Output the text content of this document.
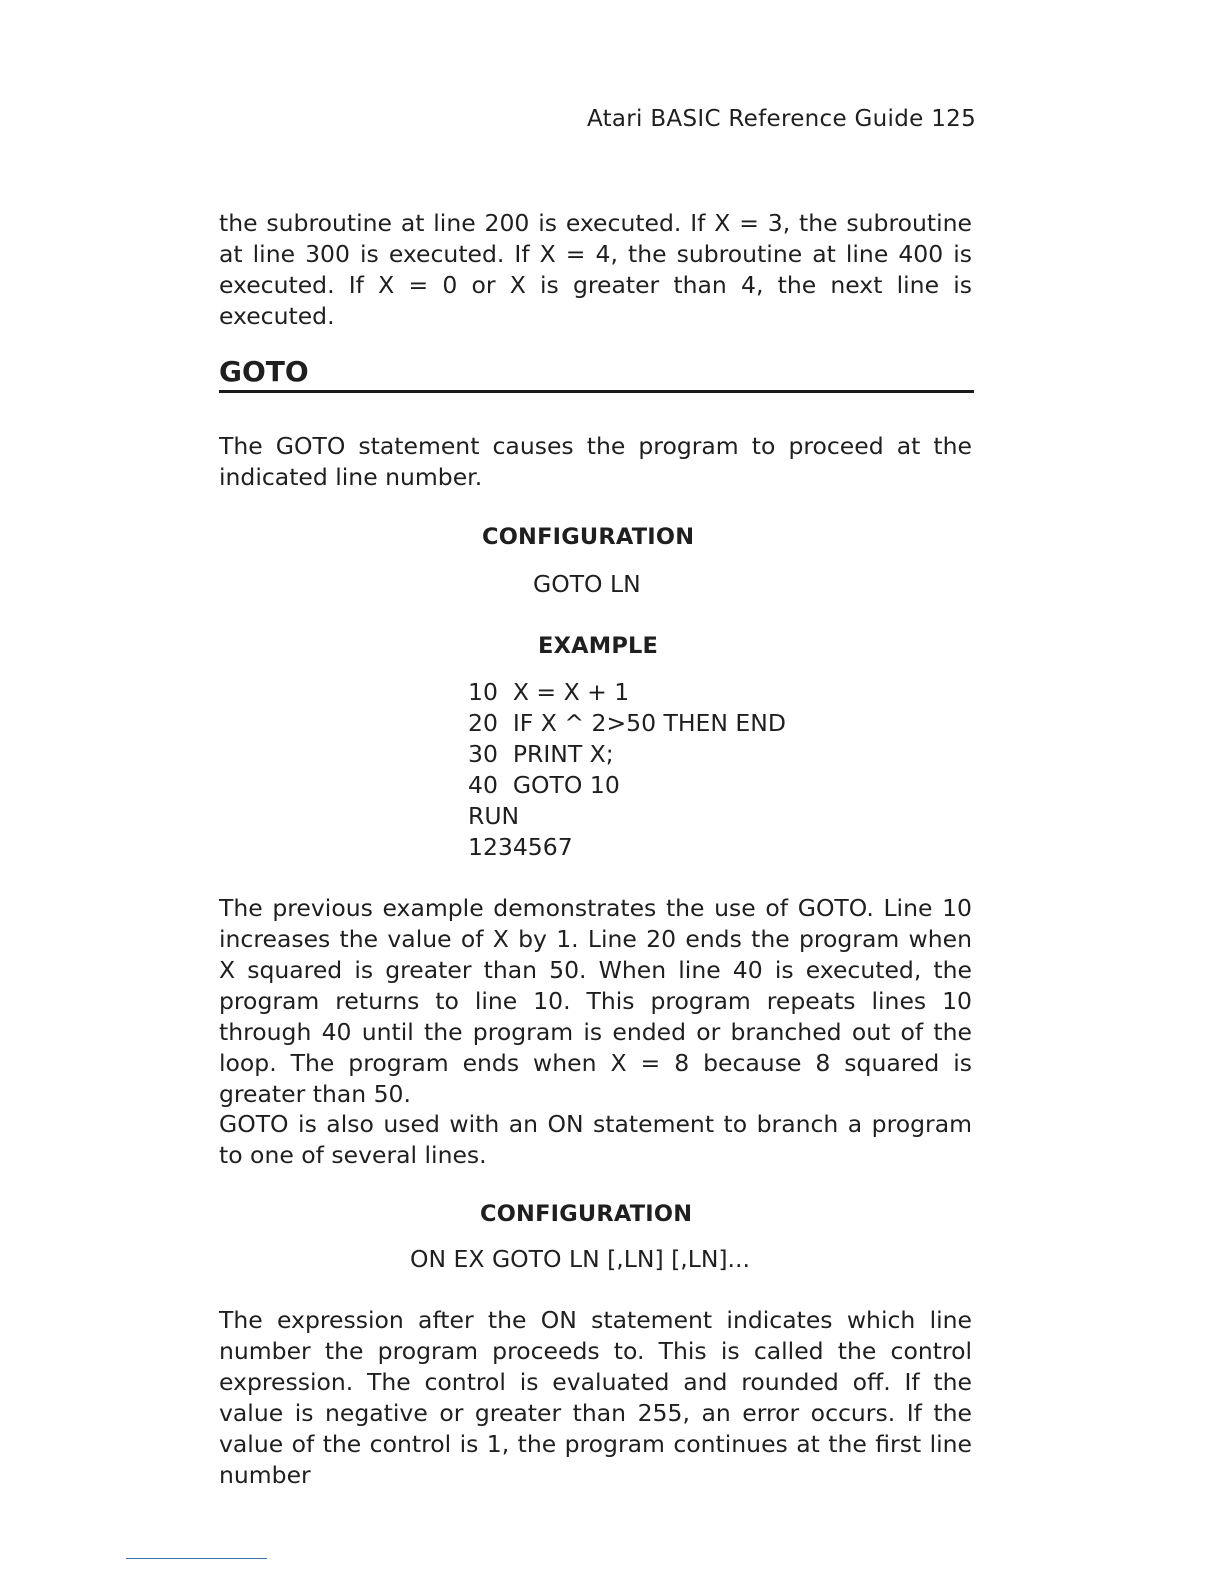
Atari BASIC Reference Guide 125

the subroutine at line 200 is executed. If X = 3, the subroutine at line 300 is executed. If X = 4, the subroutine at line 400 is executed. If X = 0 or X is greater than 4, the next line is executed.

GOTO

The GOTO statement causes the program to proceed at the indicated line number.

CONFIGURATION
GOTO LN
EXAMPLE
10  X = X + 1
20  IF X ^ 2>50 THEN END
30  PRINT X;
40  GOTO 10
RUN
1234567

The previous example demonstrates the use of GOTO. Line 10 increases the value of X by 1. Line 20 ends the program when X squared is greater than 50. When line 40 is executed, the program returns to line 10. This program repeats lines 10 through 40 until the program is ended or branched out of the loop. The program ends when X = 8 because 8 squared is greater than 50.

GOTO is also used with an ON statement to branch a program to one of several lines.

CONFIGURATION
ON EX GOTO LN [,LN] [,LN]...

The expression after the ON statement indicates which line number the program proceeds to. This is called the control expression. The control is evaluated and rounded off. If the value is negative or greater than 255, an error occurs. If the value of the control is 1, the program continues at the first line number
